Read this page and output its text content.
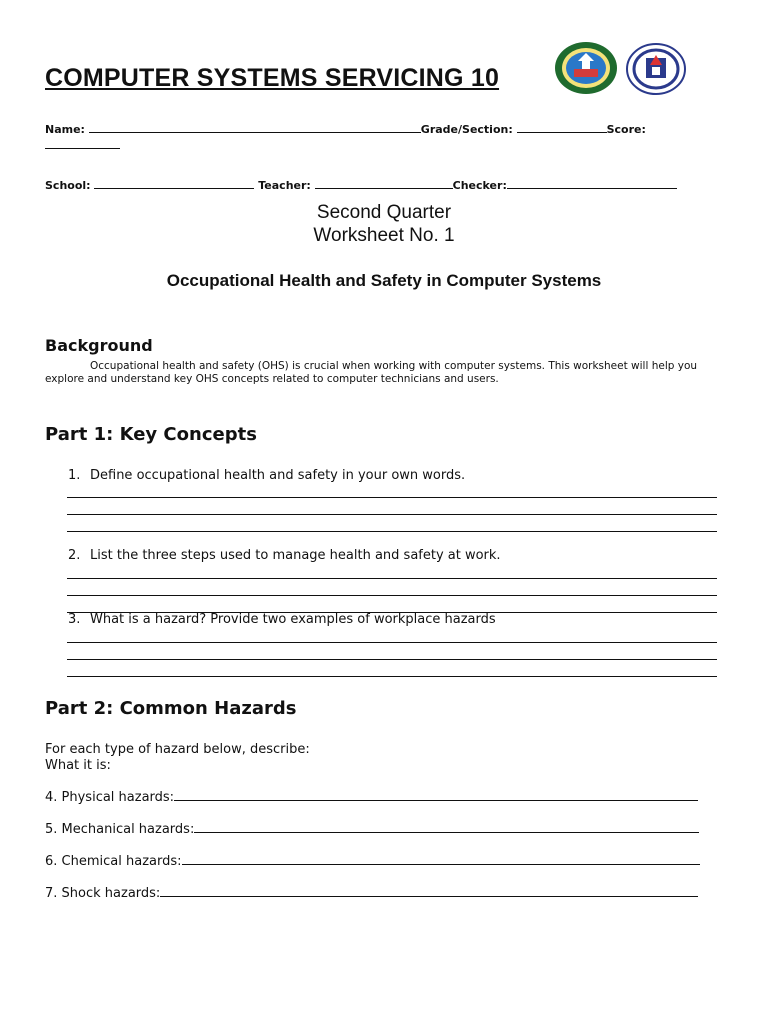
COMPUTER SYSTEMS SERVICING 10
Name:	Grade/Section:	Score:
School:	Teacher:	Checker:
Second Quarter
Worksheet No. 1
Occupational Health and Safety in Computer Systems
Background
Occupational health and safety (OHS) is crucial when working with computer systems. This worksheet will help you explore and understand key OHS concepts related to computer technicians and users.
Part 1: Key Concepts
1. Define occupational health and safety in your own words.
2. List the three steps used to manage health and safety at work.
3. What is a hazard? Provide two examples of workplace hazards
Part 2: Common Hazards
For each type of hazard below, describe:
What it is:
4. Physical hazards:
5. Mechanical hazards:
6. Chemical hazards:
7. Shock hazards:
